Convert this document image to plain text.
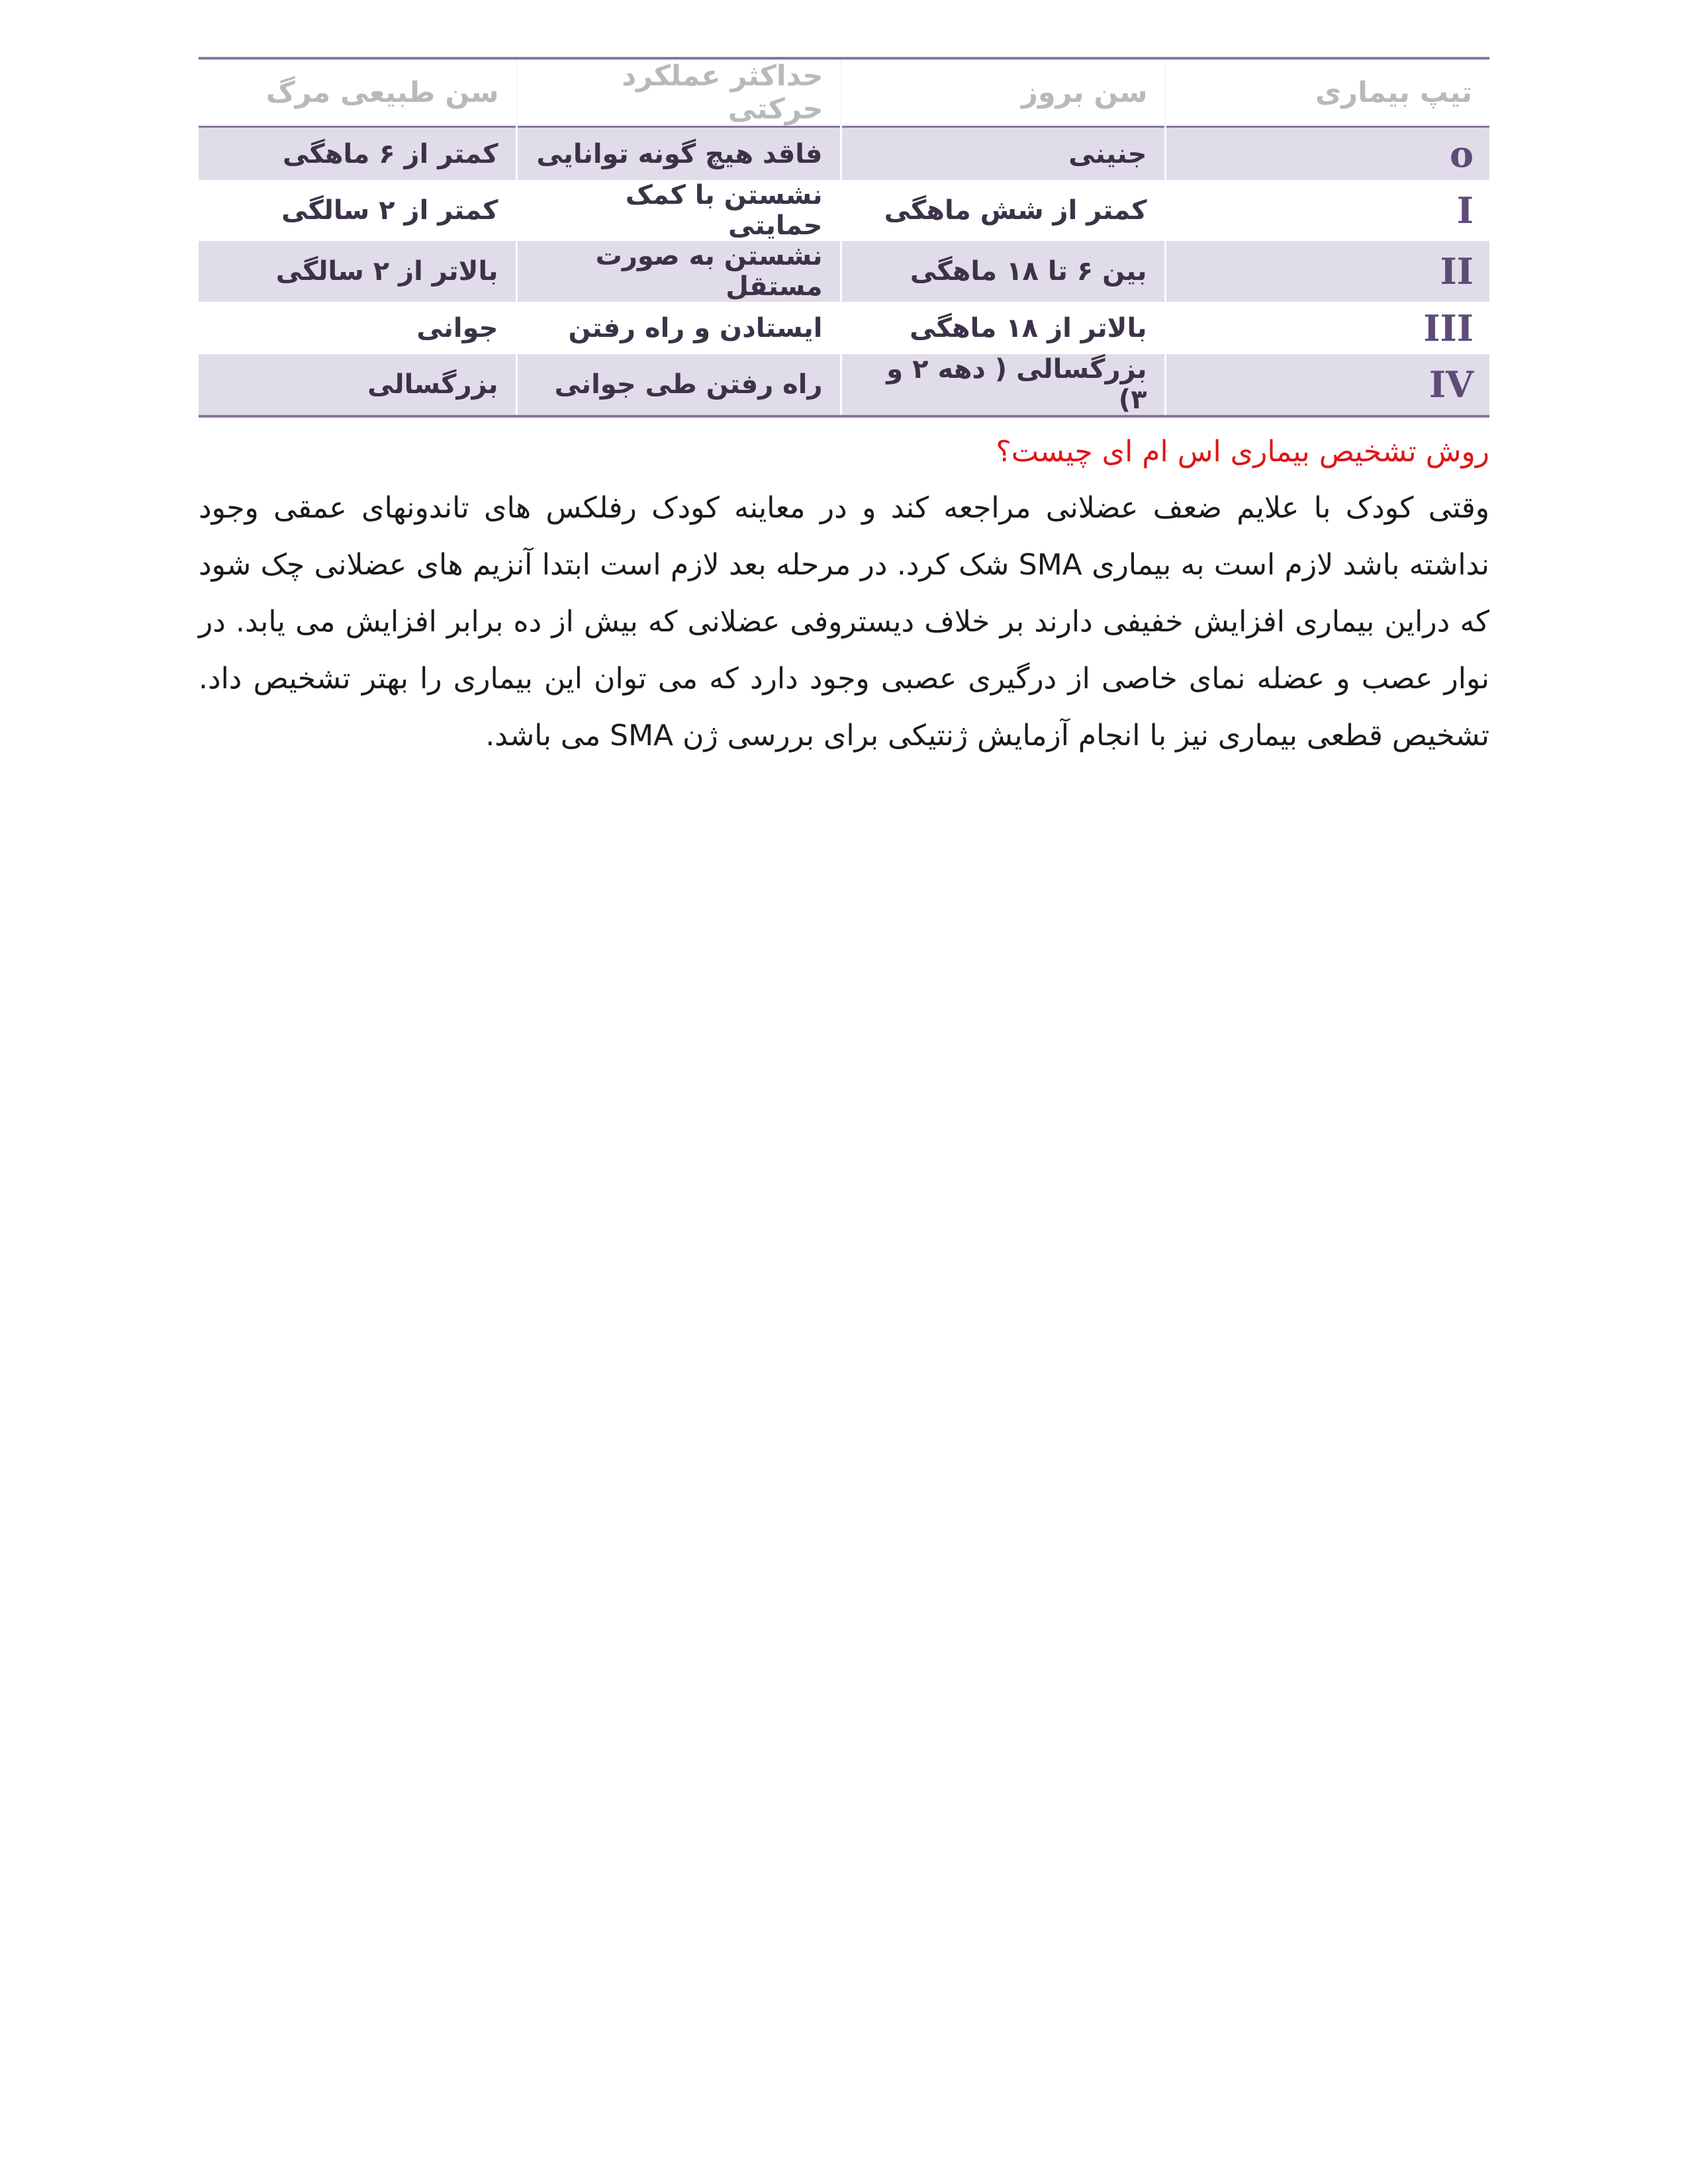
تیپ بیماری	سن بروز	حداکثر عملکرد حرکتی	سن طبیعی مرگ
o	جنینی	فاقد هیچ گونه توانایی	کمتر از ۶ ماهگی
I	کمتر از شش ماهگی	نشستن با کمک حمایتی	کمتر از ۲ سالگی
II	بین ۶ تا ۱۸ ماهگی	نشستن به صورت مستقل	بالاتر از ۲ سالگی
III	بالاتر از ۱۸ ماهگی	ایستادن و راه رفتن	جوانی
IV	بزرگسالی ( دهه ۲ و ۳)	راه رفتن طی جوانی	بزرگسالی
روش تشخیص بیماری اس ام ای چیست؟

وقتی کودک با علایم ضعف عضلانی مراجعه کند و در معاینه کودک رفلکس های تاندونهای عمقی وجود نداشته باشد لازم است به بیماری SMA شک کرد. در مرحله بعد لازم است ابتدا آنزیم های عضلانی چک شود که دراین بیماری افزایش خفیفی دارند بر خلاف دیستروفی عضلانی که بیش از ده برابر افزایش می یابد. در نوار عصب و عضله نمای خاصی از درگیری عصبی وجود دارد که می توان این بیماری را بهتر تشخیص داد. تشخیص قطعی بیماری نیز با انجام آزمایش ژنتیکی برای بررسی ژن SMA می باشد.
